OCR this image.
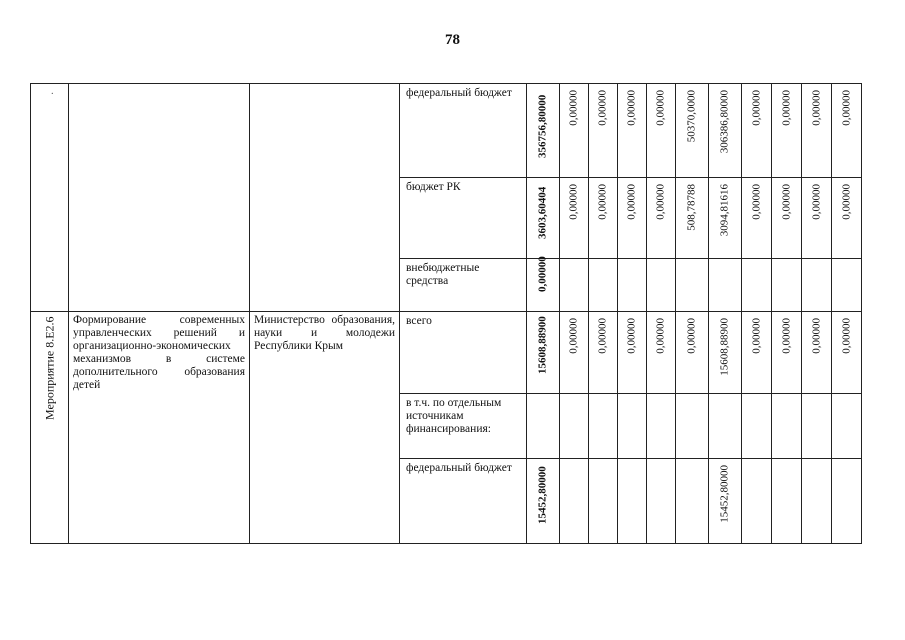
78
·			федеральный бюджет	356756,80000	0,00000	0,00000	0,00000	0,00000	50370,0000	306386,80000	0,00000	0,00000	0,00000	0,00000

			бюджет РК	3603,60404	0,00000	0,00000	0,00000	0,00000	508,78788	3094,81616	0,00000	0,00000	0,00000	0,00000

			внебюджетные средства	0,00000										

Мероприятие 8.Е2.6	Формирование современных управленческих решений и организационно-экономических механизмов в системе дополнительного образования детей	Министерство образования, науки и молодежи Республики Крым	всего	15608,88900	0,00000	0,00000	0,00000	0,00000	0,00000	15608,88900	0,00000	0,00000	0,00000	0,00000

			в т.ч. по отдельным источникам финансирования:	

			федеральный бюджет	15452,80000						15452,80000				
